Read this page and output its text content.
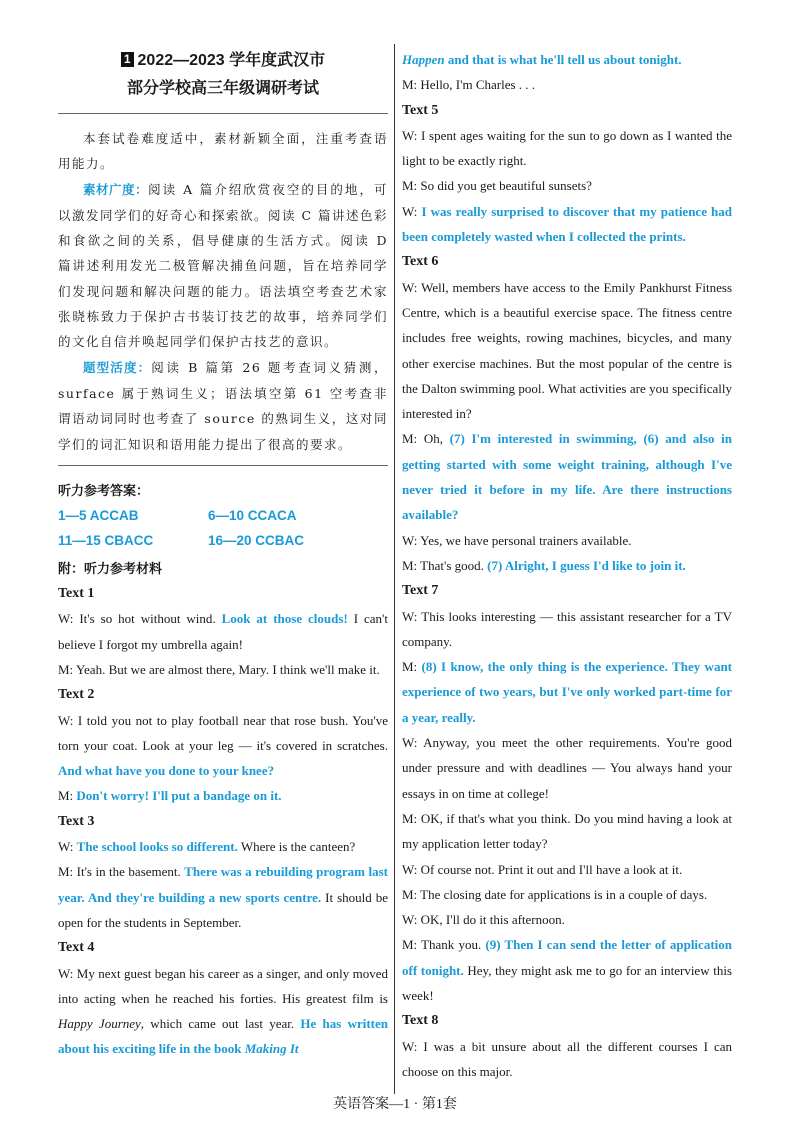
1 2022—2023 学年度武汉市
部分学校高三年级调研考试

本套试卷难度适中，素材新颖全面，注重考查语用能力。

素材广度：阅读 A 篇介绍欣赏夜空的目的地，可以激发同学们的好奇心和探索欲。阅读 C 篇讲述色彩和食欲之间的关系，倡导健康的生活方式。阅读 D 篇讲述利用发光二极管解决捕鱼问题，旨在培养同学们发现问题和解决问题的能力。语法填空考查艺术家张晓栋致力于保护古书装订技艺的故事，培养同学们的文化自信并唤起同学们保护古技艺的意识。

题型活度：阅读 B 篇第 26 题考查词义猜测，surface 属于熟词生义；语法填空第 61 空考查非谓语动词同时也考查了 source 的熟词生义，这对同学们的词汇知识和语用能力提出了很高的要求。

听力参考答案：
1—5 ACCAB	6—10 CCACA
11—15 CBACC	16—20 CCBAC
附：听力参考材料

Text 1

W: It's so hot without wind. Look at those clouds! I can't believe I forgot my umbrella again!

M: Yeah. But we are almost there, Mary. I think we'll make it.

Text 2

W: I told you not to play football near that rose bush. You've torn your coat. Look at your leg — it's covered in scratches. And what have you done to your knee?

M: Don't worry! I'll put a bandage on it.

Text 3

W: The school looks so different. Where is the canteen?

M: It's in the basement. There was a rebuilding program last year. And they're building a new sports centre. It should be open for the students in September.

Text 4

W: My next guest began his career as a singer, and only moved into acting when he reached his forties. His greatest film is Happy Journey, which came out last year. He has written about his exciting life in the book Making It

Happen and that is what he'll tell us about tonight.

M: Hello, I'm Charles . . .

Text 5

W: I spent ages waiting for the sun to go down as I wanted the light to be exactly right.

M: So did you get beautiful sunsets?

W: I was really surprised to discover that my patience had been completely wasted when I collected the prints.

Text 6

W: Well, members have access to the Emily Pankhurst Fitness Centre, which is a beautiful exercise space. The fitness centre includes free weights, rowing machines, bicycles, and many other exercise machines. But the most popular of the centre is the Dalton swimming pool. What activities are you specifically interested in?

M: Oh, (7) I'm interested in swimming, (6) and also in getting started with some weight training, although I've never tried it before in my life. Are there instructions available?

W: Yes, we have personal trainers available.

M: That's good. (7) Alright, I guess I'd like to join it.

Text 7

W: This looks interesting — this assistant researcher for a TV company.

M: (8) I know, the only thing is the experience. They want experience of two years, but I've only worked part-time for a year, really.

W: Anyway, you meet the other requirements. You're good under pressure and with deadlines — You always hand your essays in on time at college!

M: OK, if that's what you think. Do you mind having a look at my application letter today?

W: Of course not. Print it out and I'll have a look at it.

M: The closing date for applications is in a couple of days.

W: OK, I'll do it this afternoon.

M: Thank you. (9) Then I can send the letter of application off tonight. Hey, they might ask me to go for an interview this week!

Text 8

W: I was a bit unsure about all the different courses I can choose on this major.

英语答案—1 · 第1套
